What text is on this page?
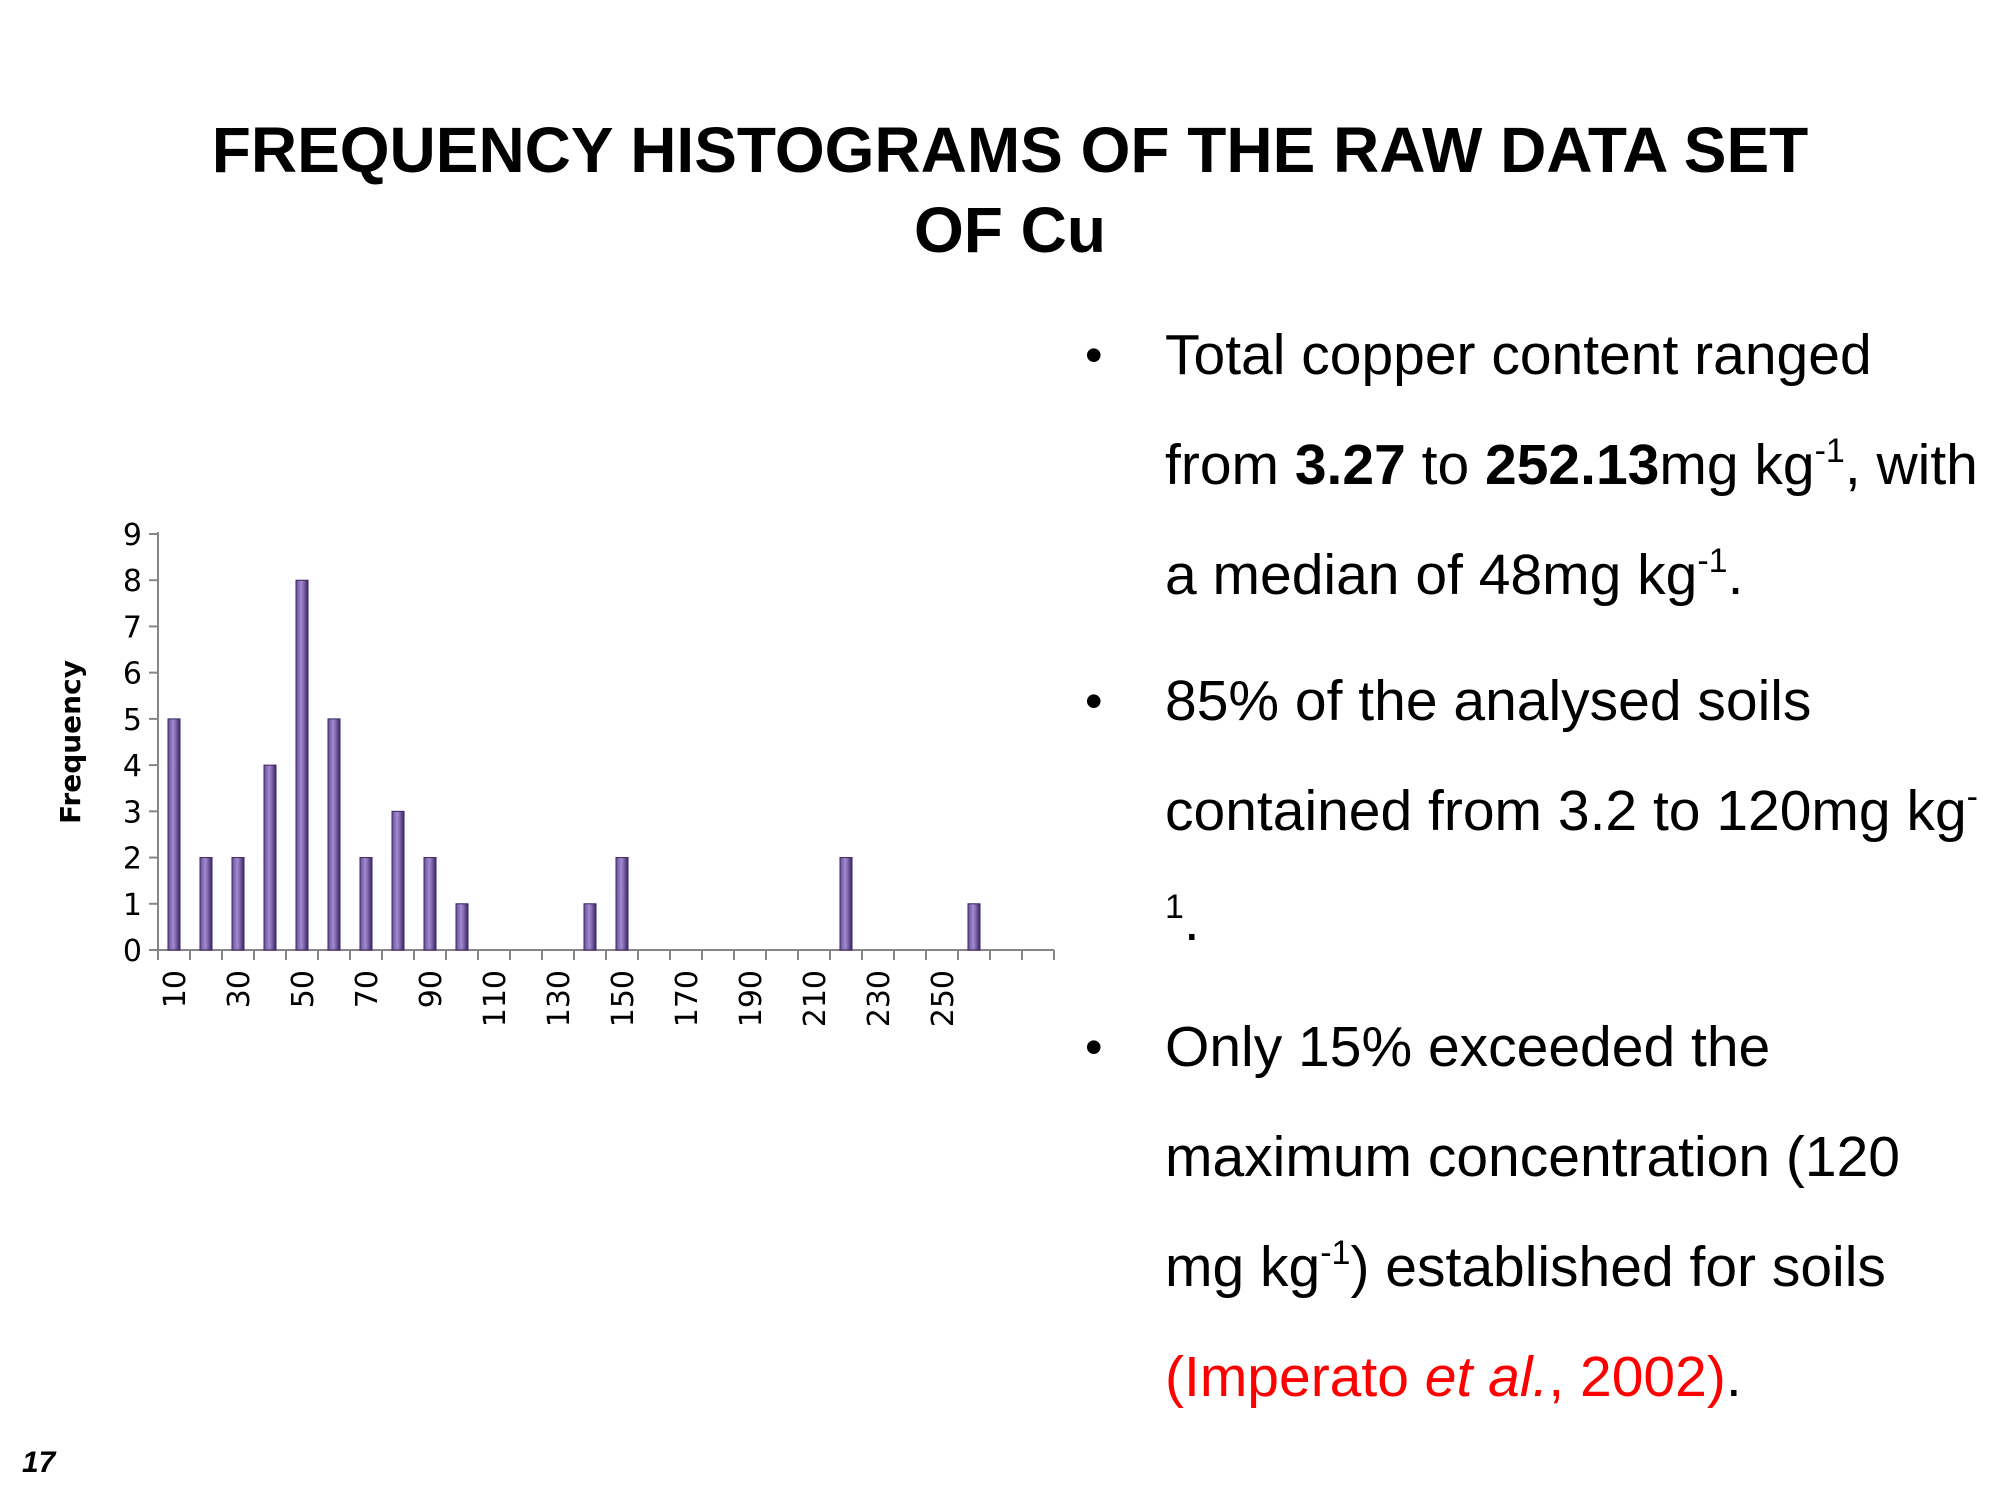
FREQUENCY HISTOGRAMS OF THE RAW DATA SET
OF Cu
0
1
2
3
4
5
6
7
8
9
10 30 50 70 90 110 130 150 170 190 210 230 250
Frequency
• Total copper content ranged from 3.27 to 252.13mg $kg^{-1}$, with a median of 48mg $kg^{-1}$.
• 85% of the analysed soils contained from 3.2 to 120mg $kg^{-1}$.
• Only 15% exceeded the maximum concentration (120 mg $kg^{-1}$) established for soils (Imperato et al., 2002).
17
